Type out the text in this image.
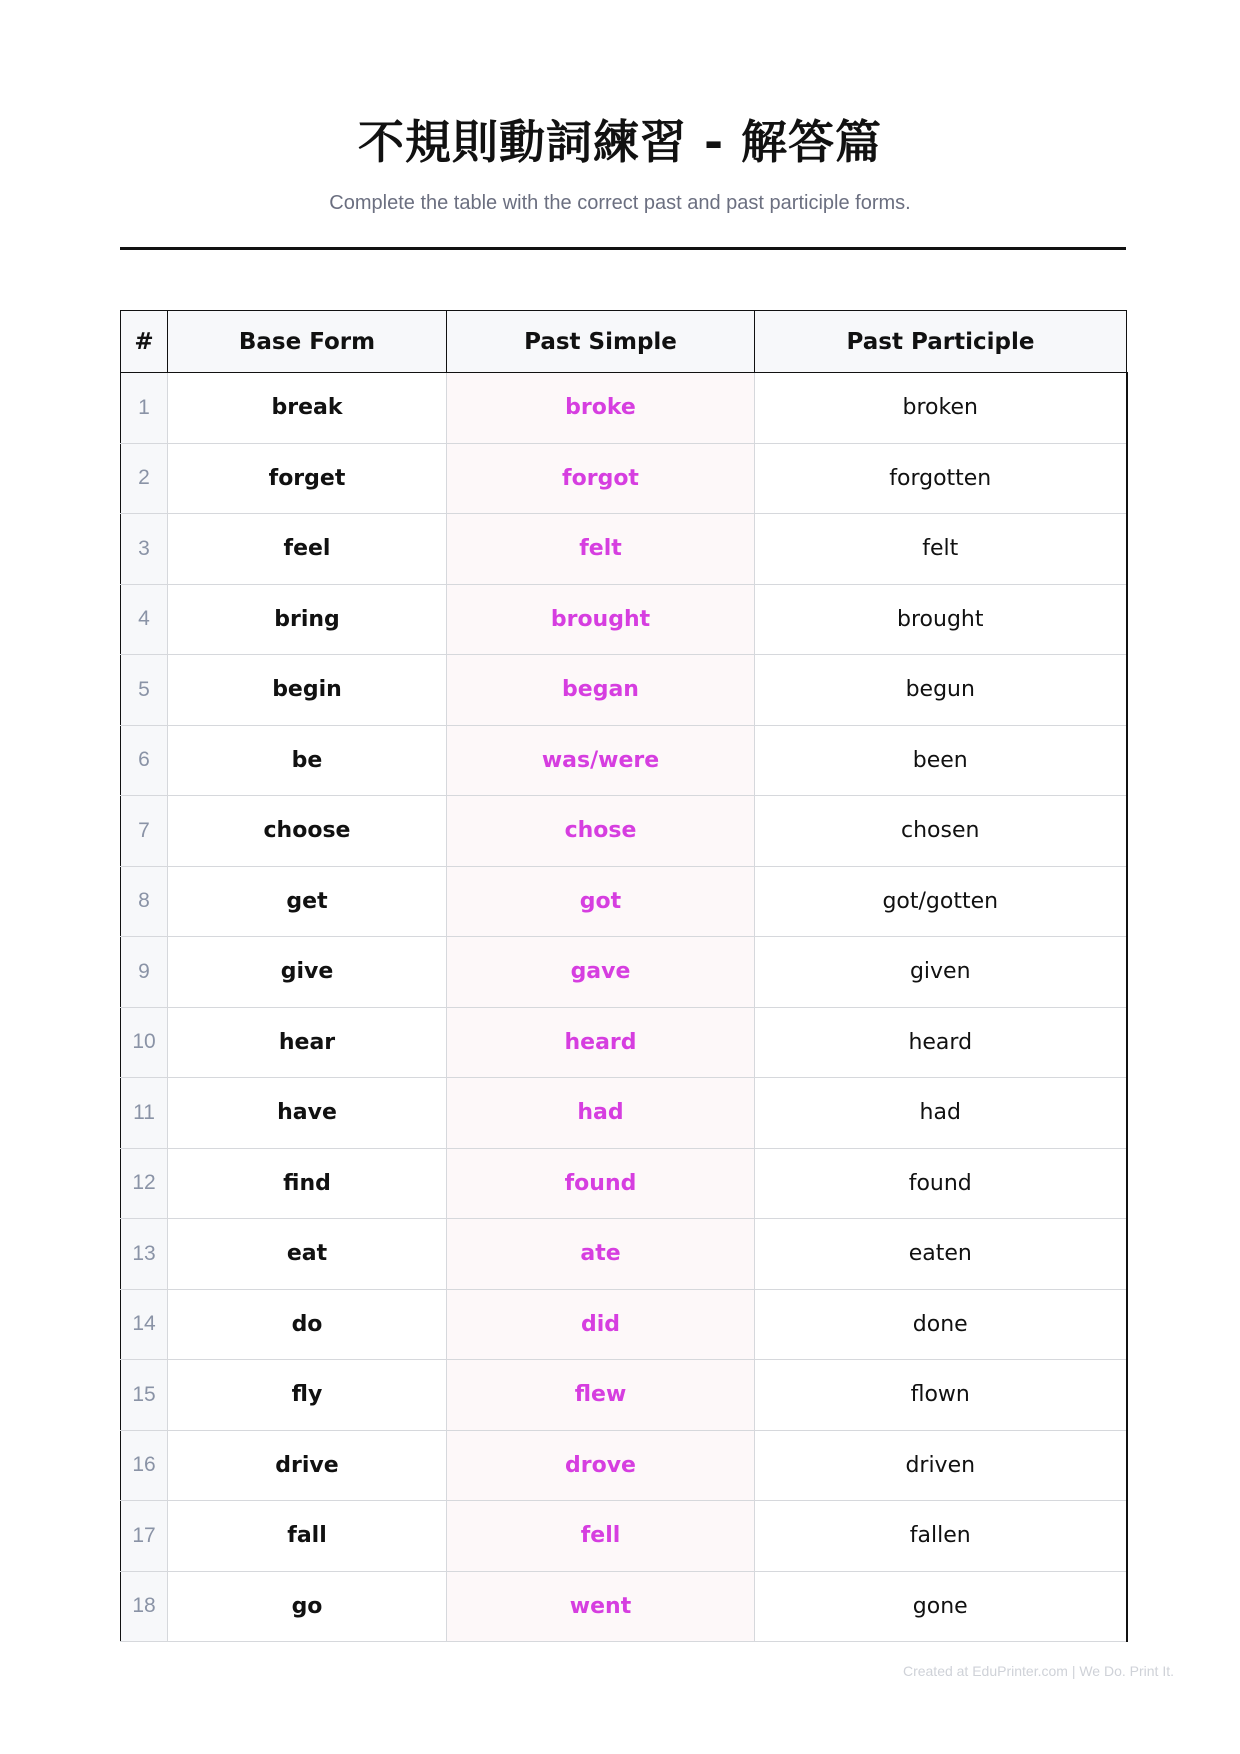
不規則動詞練習 - 解答篇
Complete the table with the correct past and past participle forms.
#	Base Form	Past Simple	Past Participle
1	break	broke	broken
2	forget	forgot	forgotten
3	feel	felt	felt
4	bring	brought	brought
5	begin	began	begun
6	be	was/were	been
7	choose	chose	chosen
8	get	got	got/gotten
9	give	gave	given
10	hear	heard	heard
11	have	had	had
12	find	found	found
13	eat	ate	eaten
14	do	did	done
15	fly	flew	flown
16	drive	drove	driven
17	fall	fell	fallen
18	go	went	gone
Created at EduPrinter.com | We Do. Print It.
